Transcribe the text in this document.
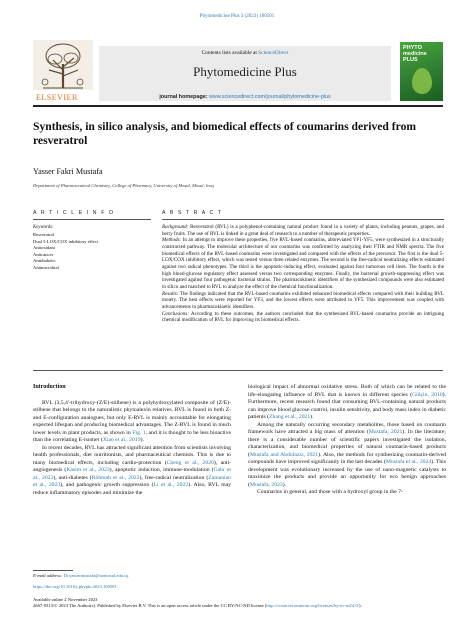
Phytomedicine Plus 3 (2023) 100501
ELSEVIER
Contents lists available at ScienceDirect
Phytomedicine Plus
journal homepage: www.sciencedirect.com/journal/phytomedicine-plus
PHYTO
medicine
PLUS
Synthesis, in silico analysis, and biomedical effects of coumarins derived from resveratrol
Yasser Fakri Mustafa
Department of Pharmaceutical Chemistry, College of Pharmacy, University of Mosul, Mosul, Iraq
A R T I C L E I N F O	A B S T R A C T
Keywords:
Resveratrol
Dual 5-LOX/COX inhibitory effect
Antioxidant
Anticancer
Antidiabetic
Antimicrobial

Background: Resveratrol (RVL) is a polyphenol-containing natural product found in a variety of plants, including peanuts, grapes, and berry fruits. The use of RVL is linked in a great deal of research to a number of therapeutic properties.

Methods: In an attempt to improve these properties, five RVL-based coumarins, abbreviated YF1-YF5, were synthesized in a structurally constructed pathway. The molecular architecture of our coumarins was confirmed by analyzing their FTIR and NMR spectra. The five biomedical effects of the RVL-based coumarins were investigated and compared with the effects of the precursor. The first is the dual 5-LOX/COX inhibitory effect, which was tested versus three related enzymes. The second is the free-radical neutralizing effects estimated against two radical phenotypes. The third is the apoptotic-inducing effect, evaluated against four tumorous cell lines. The fourth is the high blood-glucose regulatory effect assessed versus two corresponding enzymes. Finally, the bacterial growth-suppressing effect was investigated against four pathogenic bacterial strains. The pharmacokinetic identifiers of the synthesized compounds were also estimated in silico and matched to RVL to analyze the effect of the chemical functionalization.

Results: The findings indicated that the RVL-based coumarins exhibited enhanced biomedical effects compared with their building RVL moiety. The best effects were reported for YF3, and the lowest effects were attributed to YF5. This improvement was coupled with advancements in pharmacokinetic identifiers.

Conclusions: According to these outcomes, the authors concluded that the synthesized RVL-based coumarins provide an intriguing chemical modification of RVL for improving its biomedical effects.

Introduction

RVL (3,5,4′-trihydroxy-(Z/E)-stilbene) is a polyhydroxylated composite of (Z/E)-stilbene that belongs to the naturalistic phytoalexin relatives. RVL is found in both Z- and E-configuration analogues, but only E-RVL is mainly accountable for elongating expected lifespan and producing biomedical advantages. The Z-RVL is found in much lower levels in plant products, as shown in Fig. 1, and it is thought to be less bioactive than the correlating E-isomer (Xiao et al., 2019).

In recent decades, RVL has attracted significant attention from scientists involving health professionals, diet nutritionists, and pharmaceutical chemists. This is due to many biomedical effects, including cardio-protection (Cheng et al., 2020), anti-angiogenesis (Kasim et al., 2023), apoptotic induction, immune-modulation (Gabr et al., 2023), anti-diabetes (Rōhmah et al., 2022), free-radical neutralization (Zamanian et al., 2023), and pathogenic growth suppression (Li et al., 2022). Also, RVL may reduce inflammatory episodes and minimize the

biological impact of abnormal oxidative stress. Both of which can be related to the life-elongating influence of RVL that is known in different species (Gülçin, 2010). Furthermore, recent research found that consuming RVL-containing natural products can improve blood glucose control, insulin sensitivity, and body mass index in diabetic patients (Zhang et al., 2021).

Among the naturally occurring secondary metabolites, those based on coumarin framework have attracted a big mass of attention (Mustafa, 2021). In the literature, there is a considerable number of scientific papers investigated the isolation, characterization, and biomedical properties of natural coumarin-based products (Mustafa and Abdulaziz, 2021). Also, the methods for synthesizing coumarin-derived compounds have improved significantly in the last decades (Mustafa et al., 2024). This development was evolutionary increased by the use of nano-magnetic catalysts to maximize the products and provide an opportunity for eco benign approaches (Mustafa, 2023).

Coumarins in general, and those with a hydroxyl group in the 7-

E-mail address: Dr.yassermustafa@uomosul.edu.iq.
https://doi.org/10.1016/j.phyplu.2023.100501
Available online 2 November 2023
2667-0313/© 2023 The Author(s). Published by Elsevier B.V. This is an open access article under the CC BY-NC-ND license (http://creativecommons.org/licenses/by-nc-nd/4.0/).
